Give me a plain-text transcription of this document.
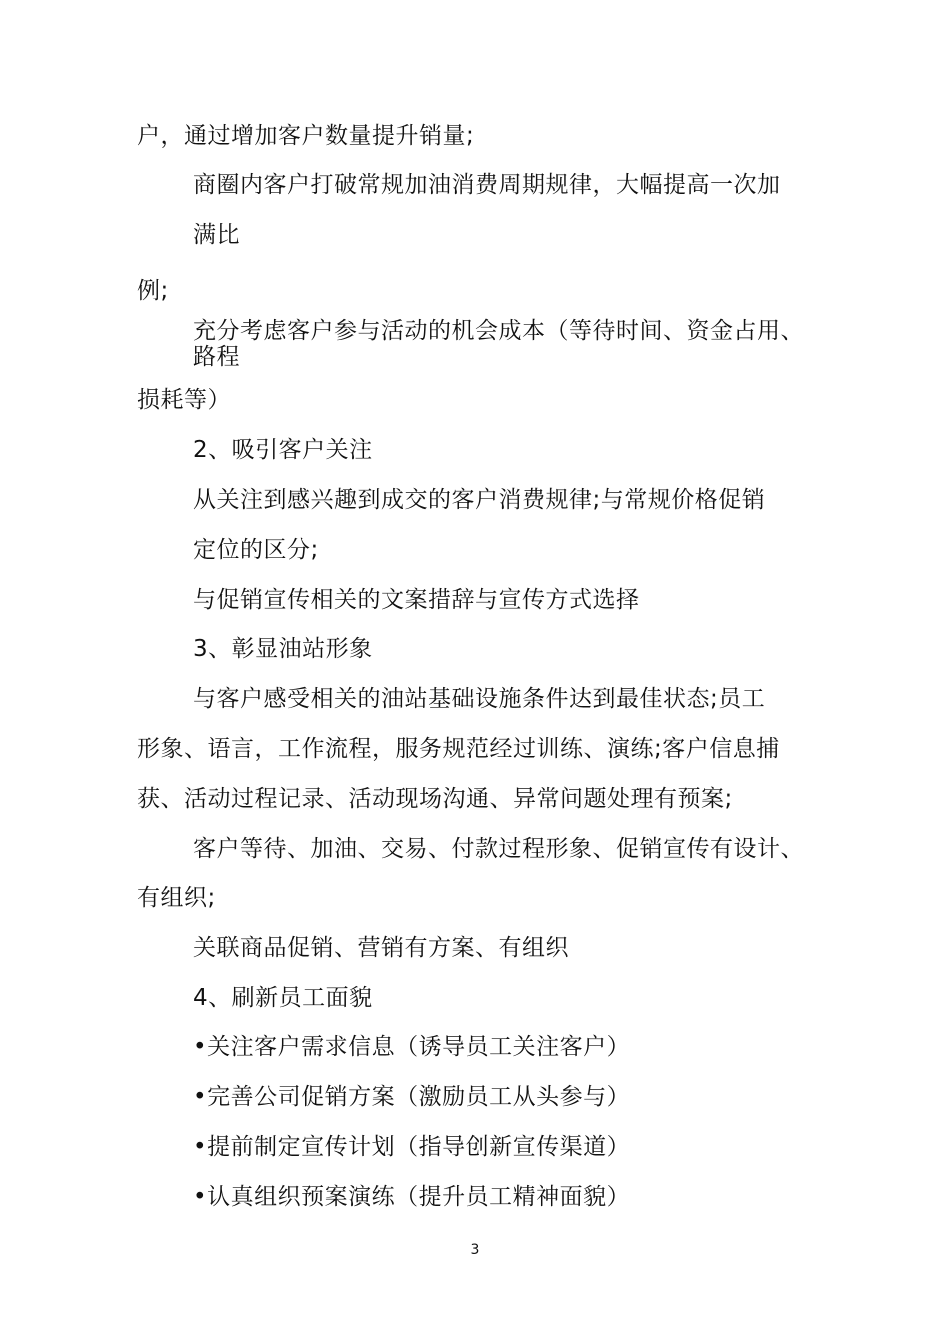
户，通过增加客户数量提升销量;
商圈内客户打破常规加油消费周期规律，大幅提高一次加
满比
例;
充分考虑客户参与活动的机会成本（等待时间、资金占用、
路程
损耗等）
2、吸引客户关注
从关注到感兴趣到成交的客户消费规律;与常规价格促销
定位的区分;
与促销宣传相关的文案措辞与宣传方式选择
3、彰显油站形象
与客户感受相关的油站基础设施条件达到最佳状态;员工
形象、语言，工作流程，服务规范经过训练、演练;客户信息捕
获、活动过程记录、活动现场沟通、异常问题处理有预案;
客户等待、加油、交易、付款过程形象、促销宣传有设计、
有组织;
关联商品促销、营销有方案、有组织
4、刷新员工面貌
•关注客户需求信息（诱导员工关注客户）
•完善公司促销方案（激励员工从头参与）
•提前制定宣传计划（指导创新宣传渠道）
•认真组织预案演练（提升员工精神面貌）
3
